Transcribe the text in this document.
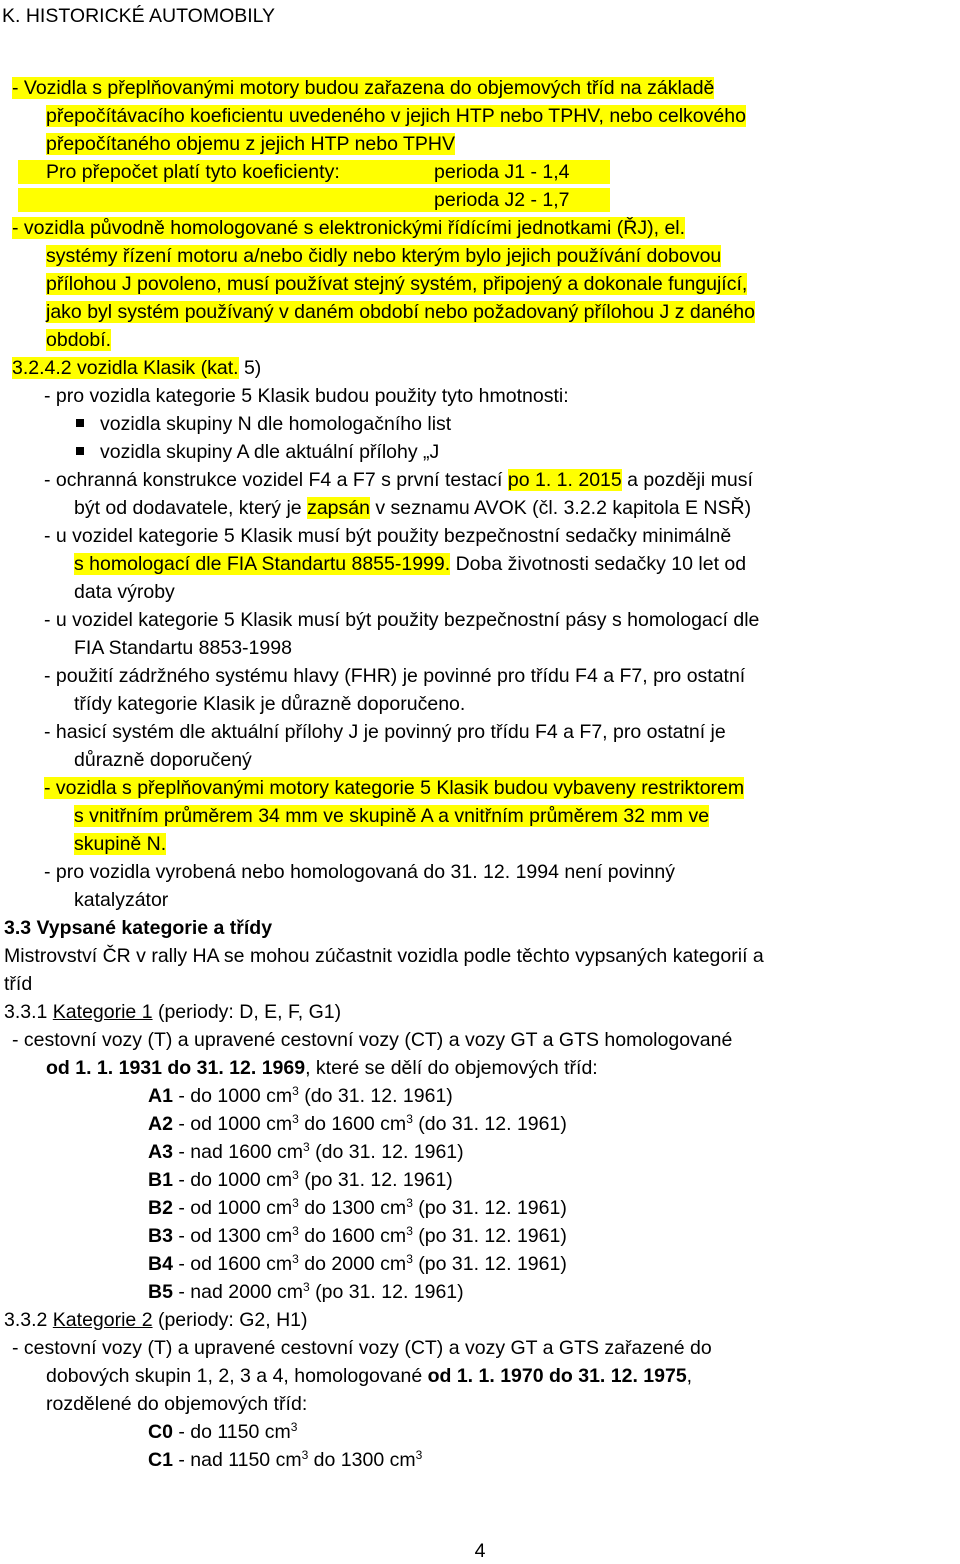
K. HISTORICKÉ AUTOMOBILY
- Vozidla s přeplňovanými motory budou zařazena do objemových tříd na základě
přepočítávacího koeficientu uvedeného v jejich HTP nebo TPHV, nebo celkového
přepočítaného objemu z jejich HTP nebo TPHV
Pro přepočet platí tyto koeficienty:	perioda J1 - 1,4
perioda J2 - 1,7
- vozidla původně homologované s elektronickými řídícími jednotkami (ŘJ), el.
systémy řízení motoru a/nebo čidly nebo kterým bylo jejich používání dobovou
přílohou J povoleno, musí používat stejný systém, připojený a dokonale fungující,
jako byl systém používaný v daném období nebo požadovaný přílohou J z daného
období.
3.2.4.2 vozidla Klasik (kat. 5)
- pro vozidla kategorie 5 Klasik budou použity tyto hmotnosti:
vozidla skupiny N dle homologačního list
vozidla skupiny A dle aktuální přílohy „J
- ochranná konstrukce vozidel F4 a F7 s první testací po 1. 1. 2015 a později musí
být od dodavatele, který je zapsán v seznamu AVOK (čl. 3.2.2 kapitola E NSŘ)
- u vozidel kategorie 5 Klasik musí být použity bezpečnostní sedačky minimálně
s homologací dle FIA Standartu 8855-1999. Doba životnosti sedačky 10 let od
data výroby
- u vozidel kategorie 5 Klasik musí být použity bezpečnostní pásy s homologací dle
FIA Standartu 8853-1998
- použití zádržného systému hlavy (FHR) je povinné pro třídu F4 a F7, pro ostatní
třídy kategorie Klasik je důrazně doporučeno.
- hasicí systém dle aktuální přílohy J je povinný pro třídu F4 a F7, pro ostatní je
důrazně doporučený
- vozidla s přeplňovanými motory kategorie 5 Klasik budou vybaveny restriktorem
s vnitřním průměrem 34 mm ve skupině A a vnitřním průměrem 32 mm ve
skupině N.
- pro vozidla vyrobená nebo homologovaná do 31. 12. 1994 není povinný
katalyzátor
3.3 Vypsané kategorie a třídy
Mistrovství ČR v rally HA se mohou zúčastnit vozidla podle těchto vypsaných kategorií a
tříd
3.3.1 Kategorie 1 (periody: D, E, F, G1)
- cestovní vozy (T) a upravené cestovní vozy (CT) a vozy GT a GTS homologované
od 1. 1. 1931 do 31. 12. 1969, které se dělí do objemových tříd:
A1 - do 1000 $cm^3$ (do 31. 12. 1961)
A2 - od 1000 $cm^3$ do 1600 $cm^3$ (do 31. 12. 1961)
A3 - nad 1600 $cm^3$ (do 31. 12. 1961)
B1 - do 1000 $cm^3$ (po 31. 12. 1961)
B2 - od 1000 $cm^3$ do 1300 $cm^3$ (po 31. 12. 1961)
B3 - od 1300 $cm^3$ do 1600 $cm^3$ (po 31. 12. 1961)
B4 - od 1600 $cm^3$ do 2000 $cm^3$ (po 31. 12. 1961)
B5 - nad 2000 $cm^3$ (po 31. 12. 1961)
3.3.2 Kategorie 2 (periody: G2, H1)
- cestovní vozy (T) a upravené cestovní vozy (CT) a vozy GT a GTS zařazené do
dobových skupin 1, 2, 3 a 4, homologované od 1. 1. 1970 do 31. 12. 1975,
rozdělené do objemových tříd:
C0 - do 1150 $cm^3$
C1 - nad 1150 $cm^3$ do 1300 $cm^3$
4
